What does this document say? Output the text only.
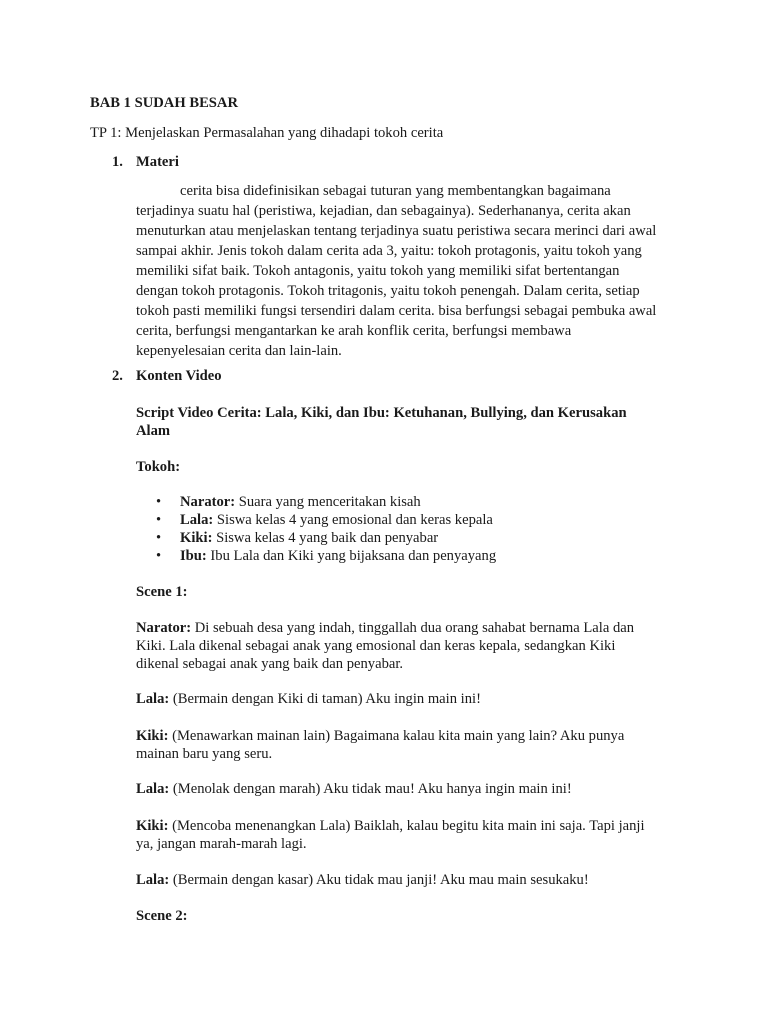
BAB 1 SUDAH BESAR
TP 1: Menjelaskan Permasalahan yang dihadapi tokoh cerita
1. Materi
cerita bisa didefinisikan sebagai tuturan yang membentangkan bagaimana
terjadinya suatu hal (peristiwa, kejadian, dan sebagainya). Sederhananya, cerita akan
menuturkan atau menjelaskan tentang terjadinya suatu peristiwa secara merinci dari awal
sampai akhir. Jenis tokoh dalam cerita ada 3, yaitu: tokoh protagonis, yaitu tokoh yang
memiliki sifat baik. Tokoh antagonis, yaitu tokoh yang memiliki sifat bertentangan
dengan tokoh protagonis. Tokoh tritagonis, yaitu tokoh penengah. Dalam cerita, setiap
tokoh pasti memiliki fungsi tersendiri dalam cerita. bisa berfungsi sebagai pembuka awal
cerita, berfungsi mengantarkan ke arah konflik cerita, berfungsi membawa
kepenyelesaian cerita dan lain-lain.
2. Konten Video
Script Video Cerita: Lala, Kiki, dan Ibu: Ketuhanan, Bullying, dan Kerusakan
Alam
Tokoh:
• Narator: Suara yang menceritakan kisah
• Lala: Siswa kelas 4 yang emosional dan keras kepala
• Kiki: Siswa kelas 4 yang baik dan penyabar
• Ibu: Ibu Lala dan Kiki yang bijaksana dan penyayang
Scene 1:
Narator: Di sebuah desa yang indah, tinggallah dua orang sahabat bernama Lala dan
Kiki. Lala dikenal sebagai anak yang emosional dan keras kepala, sedangkan Kiki
dikenal sebagai anak yang baik dan penyabar.
Lala: (Bermain dengan Kiki di taman) Aku ingin main ini!
Kiki: (Menawarkan mainan lain) Bagaimana kalau kita main yang lain? Aku punya
mainan baru yang seru.
Lala: (Menolak dengan marah) Aku tidak mau! Aku hanya ingin main ini!
Kiki: (Mencoba menenangkan Lala) Baiklah, kalau begitu kita main ini saja. Tapi janji
ya, jangan marah-marah lagi.
Lala: (Bermain dengan kasar) Aku tidak mau janji! Aku mau main sesukaku!
Scene 2:
